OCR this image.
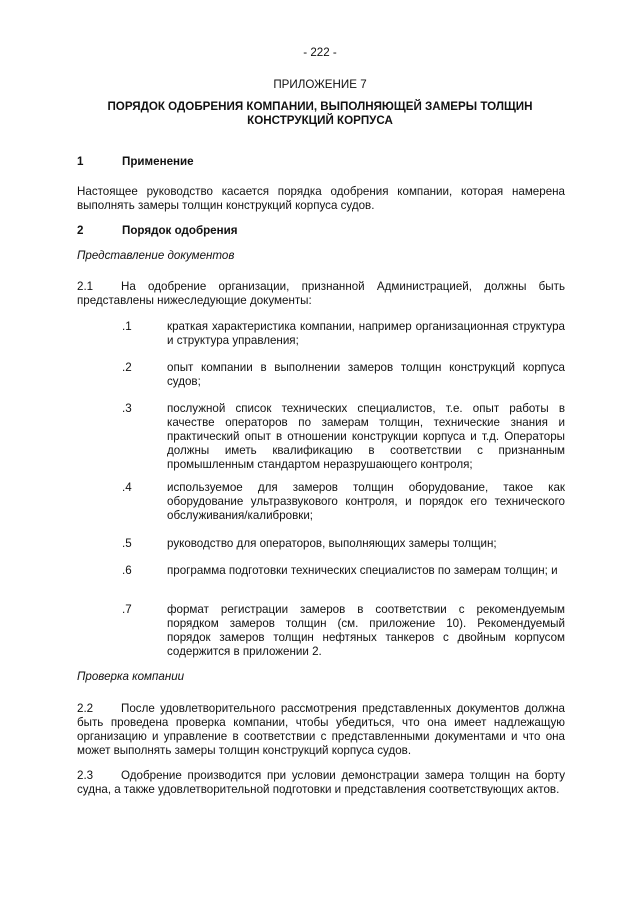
- 222 -
ПРИЛОЖЕНИЕ 7
ПОРЯДОК ОДОБРЕНИЯ КОМПАНИИ, ВЫПОЛНЯЮЩЕЙ ЗАМЕРЫ ТОЛЩИН
КОНСТРУКЦИЙ КОРПУСА
1	Применение
Настоящее руководство касается порядка одобрения компании, которая намерена выполнять замеры толщин конструкций корпуса судов.
2	Порядок одобрения
Представление документов
2.1 На одобрение организации, признанной Администрацией, должны быть представлены нижеследующие документы:
.1	краткая характеристика компании, например организационная структура и структура управления;
.2	опыт компании в выполнении замеров толщин конструкций корпуса судов;
.3	послужной список технических специалистов, т.е. опыт работы в качестве операторов по замерам толщин, технические знания и практический опыт в отношении конструкции корпуса и т.д. Операторы должны иметь квалификацию в соответствии с признанным промышленным стандартом неразрушающего контроля;
.4	используемое для замеров толщин оборудование, такое как оборудование ультразвукового контроля, и порядок его технического обслуживания/калибровки;
.5	руководство для операторов, выполняющих замеры толщин;
.6	программа подготовки технических специалистов по замерам толщин; и
.7	формат регистрации замеров в соответствии с рекомендуемым порядком замеров толщин (см. приложение 10). Рекомендуемый порядок замеров толщин нефтяных танкеров с двойным корпусом содержится в приложении 2.
Проверка компании
2.2 После удовлетворительного рассмотрения представленных документов должна быть проведена проверка компании, чтобы убедиться, что она имеет надлежащую организацию и управление в соответствии с представленными документами и что она может выполнять замеры толщин конструкций корпуса судов.
2.3 Одобрение производится при условии демонстрации замера толщин на борту судна, а также удовлетворительной подготовки и представления соответствующих актов.
